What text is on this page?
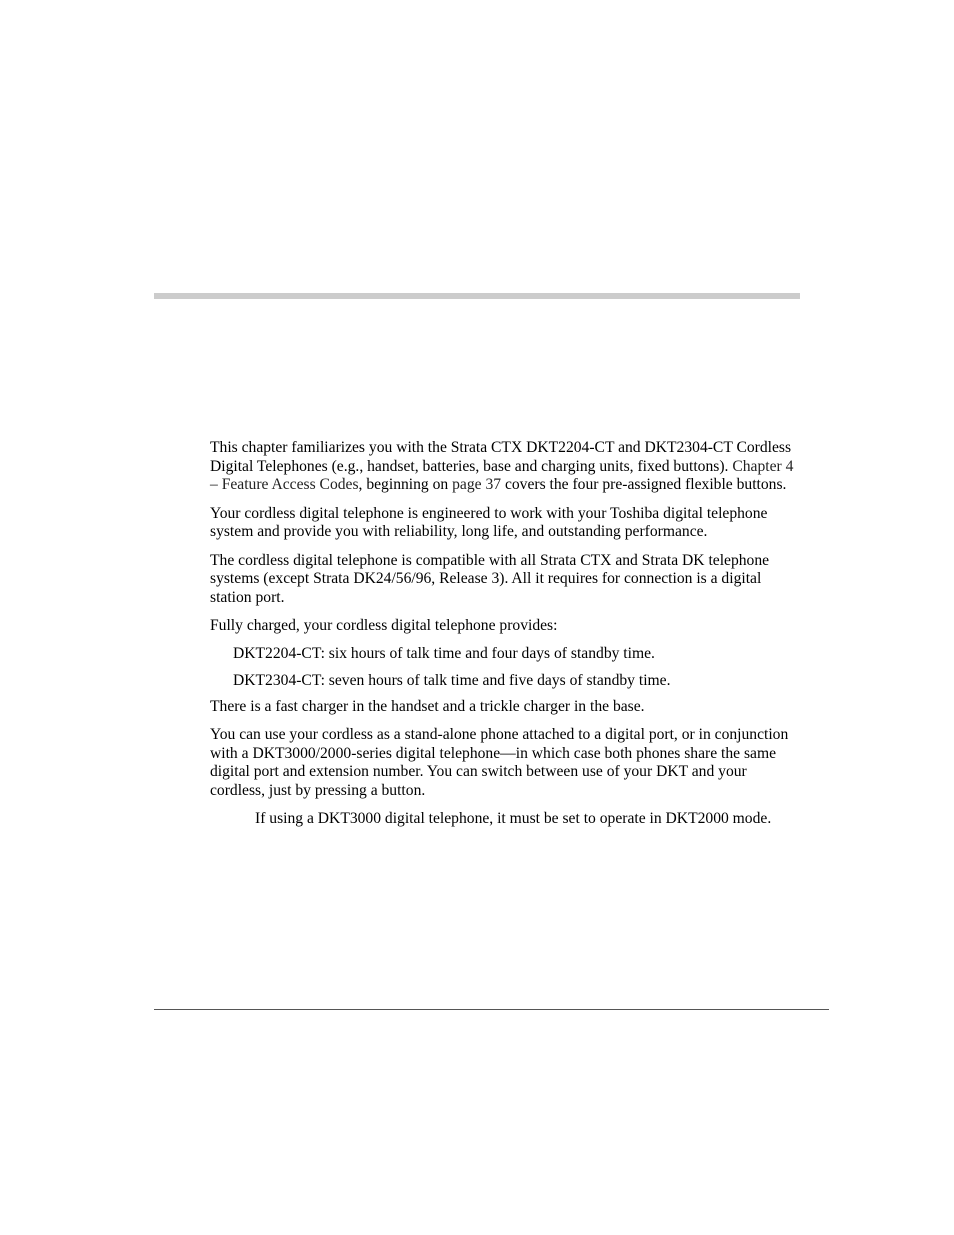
This chapter familiarizes you with the Strata CTX DKT2204-CT and DKT2304-CT Cordless Digital Telephones (e.g., handset, batteries, base and charging units, fixed buttons). Chapter 4 – Feature Access Codes, beginning on page 37 covers the four pre-assigned flexible buttons.

Your cordless digital telephone is engineered to work with your Toshiba digital telephone system and provide you with reliability, long life, and outstanding performance.

The cordless digital telephone is compatible with all Strata CTX and Strata DK telephone systems (except Strata DK24/56/96, Release 3). All it requires for connection is a digital station port.

Fully charged, your cordless digital telephone provides:

DKT2204-CT: six hours of talk time and four days of standby time.

DKT2304-CT: seven hours of talk time and five days of standby time.

There is a fast charger in the handset and a trickle charger in the base.

You can use your cordless as a stand-alone phone attached to a digital port, or in conjunction with a DKT3000/2000-series digital telephone—in which case both phones share the same digital port and extension number. You can switch between use of your DKT and your cordless, just by pressing a button.

If using a DKT3000 digital telephone, it must be set to operate in DKT2000 mode.
